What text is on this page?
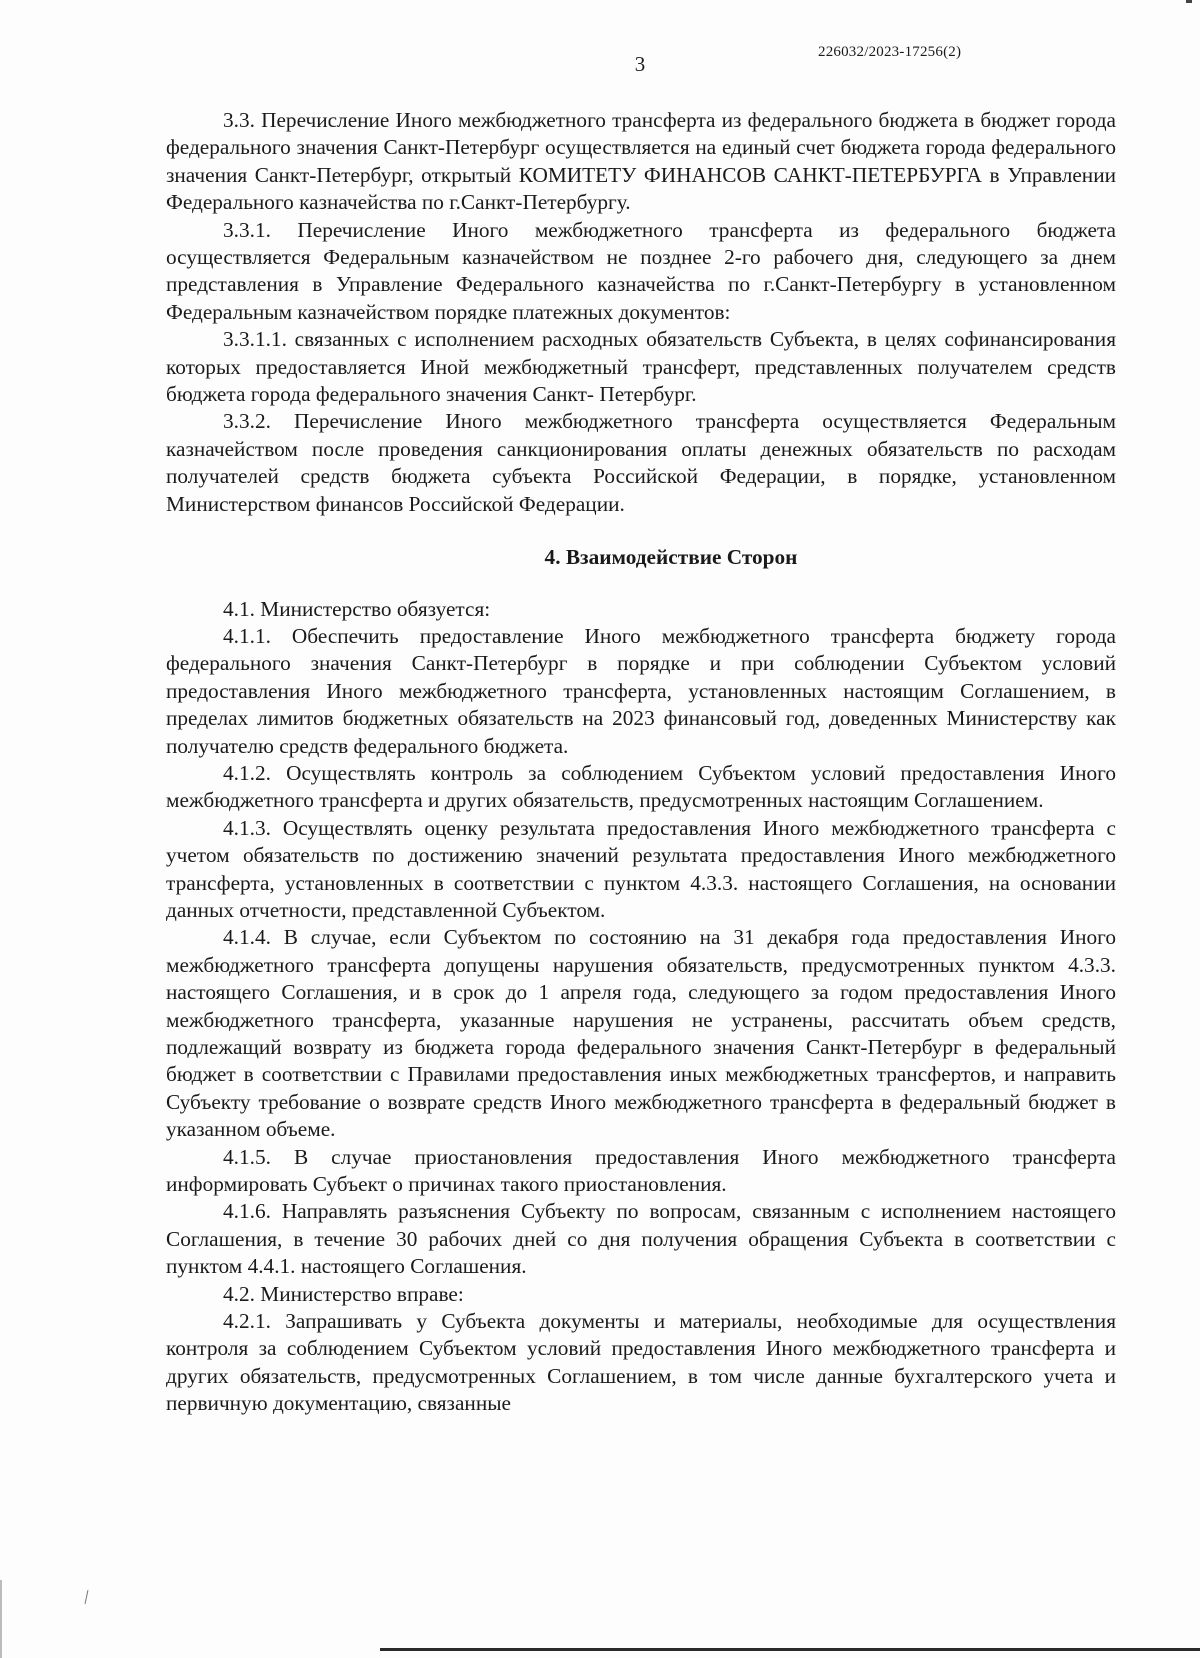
3	226032/2023-17256(2)

3.3. Перечисление Иного межбюджетного трансферта из федерального бюджета в бюджет города федерального значения Санкт-Петербург осуществляется на единый счет бюджета города федерального значения Санкт-Петербург, открытый КОМИТЕТУ ФИНАНСОВ САНКТ-ПЕТЕРБУРГА в Управлении Федерального казначейства по г.Санкт-Петербургу.

3.3.1. Перечисление Иного межбюджетного трансферта из федерального бюджета осуществляется Федеральным казначейством не позднее 2-го рабочего дня, следующего за днем представления в Управление Федерального казначейства по г.Санкт-Петербургу в установленном Федеральным казначейством порядке платежных документов:

3.3.1.1. связанных с исполнением расходных обязательств Субъекта, в целях софинансирования которых предоставляется Иной межбюджетный трансферт, представленных получателем средств бюджета города федерального значения Санкт- Петербург.

3.3.2. Перечисление Иного межбюджетного трансферта осуществляется Федеральным казначейством после проведения санкционирования оплаты денежных обязательств по расходам получателей средств бюджета субъекта Российской Федерации, в порядке, установленном Министерством финансов Российской Федерации.

4. Взаимодействие Сторон

4.1. Министерство обязуется:

4.1.1. Обеспечить предоставление Иного межбюджетного трансферта бюджету города федерального значения Санкт-Петербург в порядке и при соблюдении Субъектом условий предоставления Иного межбюджетного трансферта, установленных настоящим Соглашением, в пределах лимитов бюджетных обязательств на 2023 финансовый год, доведенных Министерству как получателю средств федерального бюджета.

4.1.2. Осуществлять контроль за соблюдением Субъектом условий предоставления Иного межбюджетного трансферта и других обязательств, предусмотренных настоящим Соглашением.

4.1.3. Осуществлять оценку результата предоставления Иного межбюджетного трансферта с учетом обязательств по достижению значений результата предоставления Иного межбюджетного трансферта, установленных в соответствии с пунктом 4.3.3. настоящего Соглашения, на основании данных отчетности, представленной Субъектом.

4.1.4. В случае, если Субъектом по состоянию на 31 декабря года предоставления Иного межбюджетного трансферта допущены нарушения обязательств, предусмотренных пунктом 4.3.3. настоящего Соглашения, и в срок до 1 апреля года, следующего за годом предоставления Иного межбюджетного трансферта, указанные нарушения не устранены, рассчитать объем средств, подлежащий возврату из бюджета города федерального значения Санкт-Петербург в федеральный бюджет в соответствии с Правилами предоставления иных межбюджетных трансфертов, и направить Субъекту требование о возврате средств Иного межбюджетного трансферта в федеральный бюджет в указанном объеме.

4.1.5. В случае приостановления предоставления Иного межбюджетного трансферта информировать Субъект о причинах такого приостановления.

4.1.6. Направлять разъяснения Субъекту по вопросам, связанным с исполнением настоящего Соглашения, в течение 30 рабочих дней со дня получения обращения Субъекта в соответствии с пунктом 4.4.1. настоящего Соглашения.

4.2. Министерство вправе:

4.2.1. Запрашивать у Субъекта документы и материалы, необходимые для осуществления контроля за соблюдением Субъектом условий предоставления Иного межбюджетного трансферта и других обязательств, предусмотренных Соглашением, в том числе данные бухгалтерского учета и первичную документацию, связанные
